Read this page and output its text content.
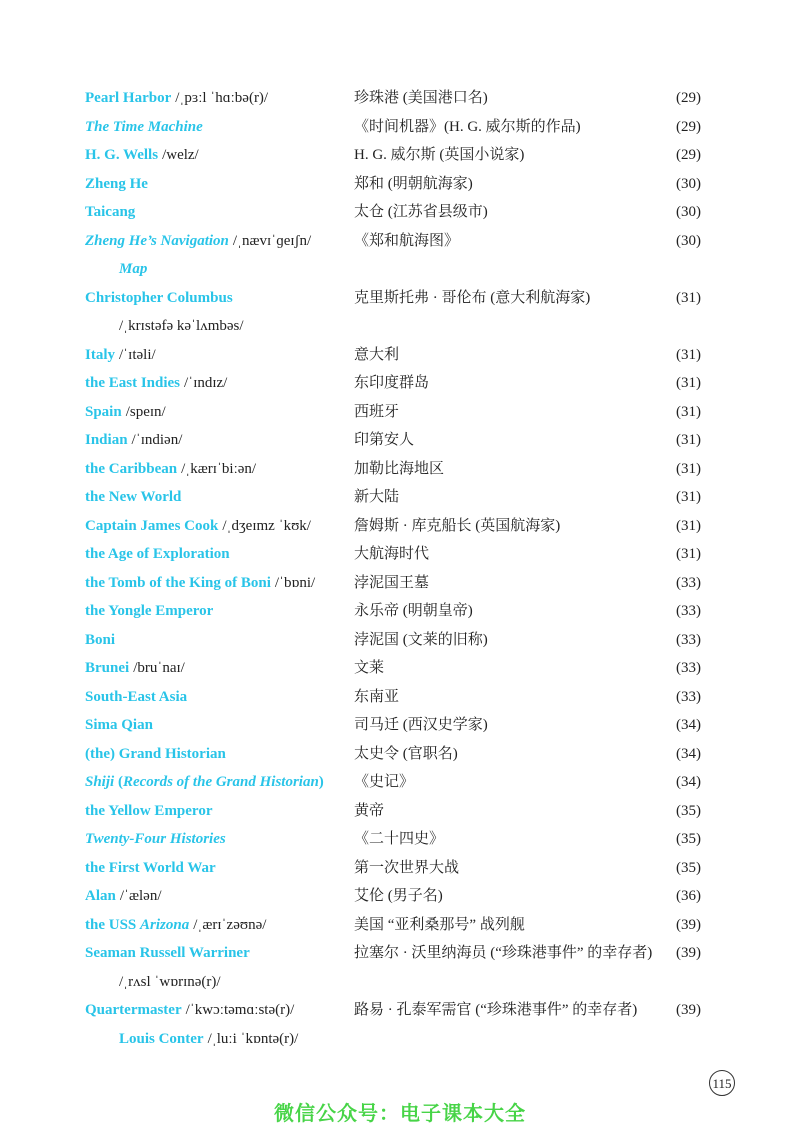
Pearl Harbor /ˌpɜːl ˈhɑːbə(r)/	珍珠港 (美国港口名)	(29)
The Time Machine	《时间机器》(H. G. 威尔斯的作品)	(29)
H. G. Wells /welz/	H. G. 威尔斯 (英国小说家)	(29)
Zheng He	郑和 (明朝航海家)	(30)
Taicang	太仓 (江苏省县级市)	(30)
Zheng He’s Navigation /ˌnævɪˈɡeɪʃn/	《郑和航海图》	(30)
Map
Christopher Columbus	克里斯托弗 · 哥伦布 (意大利航海家)	(31)
/ˌkrɪstəfə kəˈlʌmbəs/
Italy /ˈɪtəli/	意大利	(31)
the East Indies /ˈɪndɪz/	东印度群岛	(31)
Spain /speɪn/	西班牙	(31)
Indian /ˈɪndiən/	印第安人	(31)
the Caribbean /ˌkærɪˈbiːən/	加勒比海地区	(31)
the New World	新大陆	(31)
Captain James Cook /ˌdʒeɪmz ˈkʊk/	詹姆斯 · 库克船长 (英国航海家)	(31)
the Age of Exploration	大航海时代	(31)
the Tomb of the King of Boni /ˈbɒni/	浡泥国王墓	(33)
the Yongle Emperor	永乐帝 (明朝皇帝)	(33)
Boni	浡泥国 (文莱的旧称)	(33)
Brunei /bruˈnaɪ/	文莱	(33)
South-East Asia	东南亚	(33)
Sima Qian	司马迁 (西汉史学家)	(34)
(the) Grand Historian	太史令 (官职名)	(34)
Shiji (Records of the Grand Historian) 《史记》	(34)
the Yellow Emperor	黄帝	(35)
Twenty-Four Histories	《二十四史》	(35)
the First World War	第一次世界大战	(35)
Alan /ˈælən/	艾伦 (男子名)	(36)
the USS Arizona /ˌærɪˈzəʊnə/	美国 “亚利桑那号” 战列舰	(39)
Seaman Russell Warriner	拉塞尔 · 沃里纳海员 (“珍珠港事件” 的幸存者) (39)
/ˌrʌsl ˈwɒrɪnə(r)/
Quartermaster /ˈkwɔːtəmɑːstə(r)/	路易 · 孔泰军需官 (“珍珠港事件” 的幸存者)	(39)
Louis Conter /ˌluːi ˈkɒntə(r)/
115
微信公众号：电子课本大全
